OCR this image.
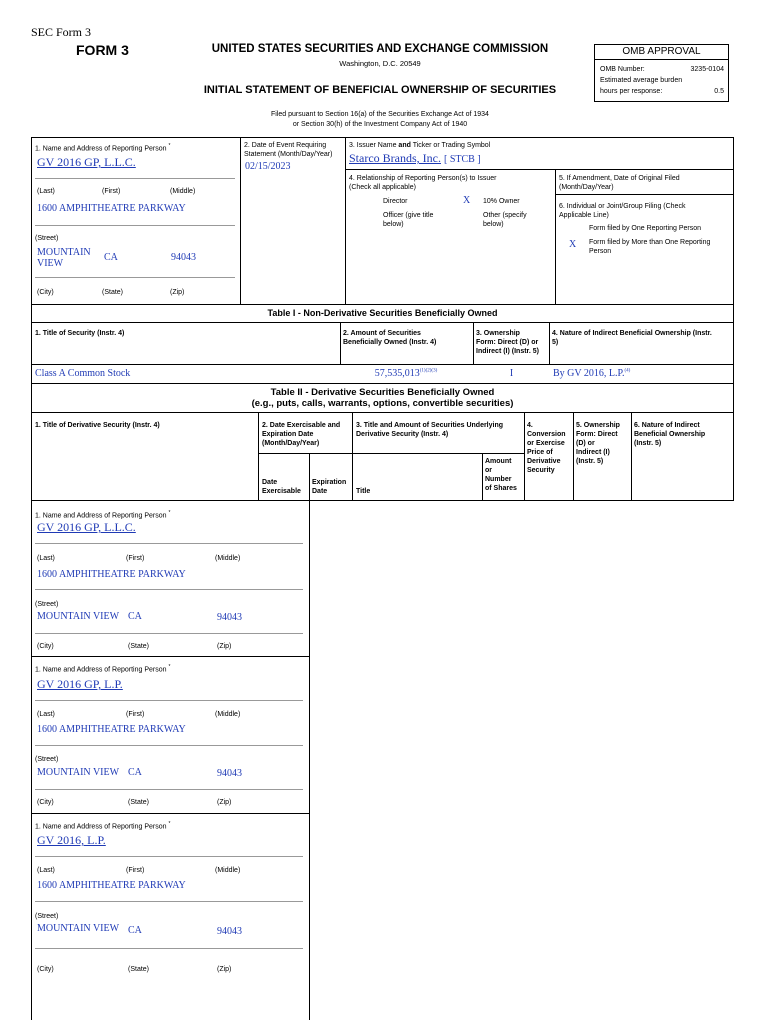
SEC Form 3
FORM 3	UNITED STATES SECURITIES AND EXCHANGE COMMISSION
Washington, D.C. 20549
INITIAL STATEMENT OF BENEFICIAL OWNERSHIP OF SECURITIES
Filed pursuant to Section 16(a) of the Securities Exchange Act of 1934
or Section 30(h) of the Investment Company Act of 1940
OMB APPROVAL
OMB Number:	3235-0104
Estimated average burden
hours per response:	0.5
1. Name and Address of Reporting Person *
GV 2016 GP, L.L.C.
(Last)	(First)	(Middle)
1600 AMPHITHEATRE PARKWAY
(Street)
MOUNTAIN
VIEW
CA	94043
(City)	(State)	(Zip)
2. Date of Event Requiring
Statement (Month/Day/Year)
02/15/2023
3. Issuer Name and Ticker or Trading Symbol
Starco Brands, Inc. [ STCB ]
4. Relationship of Reporting Person(s) to Issuer
(Check all applicable)
Director	X 10% Owner
Officer (give title
below)
Other (specify
below)
5. If Amendment, Date of Original Filed
(Month/Day/Year)
6. Individual or Joint/Group Filing (Check
Applicable Line)
Form filed by One Reporting Person
X Form filed by More than One Reporting
Person
Table I - Non-Derivative Securities Beneficially Owned
1. Title of Security (Instr. 4)	2. Amount of Securities
Beneficially Owned (Instr. 4)
3. Ownership
Form: Direct (D) or
Indirect (I) (Instr. 5)
4. Nature of Indirect Beneficial Ownership (Instr.
5)
Class A Common Stock	$57,535,013^{(1)(2)(3)}$	I	By GV 2016, L.P.$^{(4)}$
Table II - Derivative Securities Beneficially Owned
(e.g., puts, calls, warrants, options, convertible securities)
1. Title of Derivative Security (Instr. 4)	2. Date Exercisable and
Expiration Date
(Month/Day/Year)
3. Title and Amount of Securities Underlying
Derivative Security (Instr. 4)
4.
Conversion
or Exercise
Price of
Derivative
Security
5. Ownership
Form: Direct
(D) or
Indirect (I)
(Instr. 5)
6. Nature of Indirect
Beneficial Ownership
(Instr. 5)
Date
Exercisable
Expiration
Date	Title
Amount
or
Number
of Shares
1. Name and Address of Reporting Person *
GV 2016 GP, L.L.C.
(Last)	(First)	(Middle)
1600 AMPHITHEATRE PARKWAY
(Street)
MOUNTAIN VIEW CA	94043
(City)	(State)	(Zip)
1. Name and Address of Reporting Person *
GV 2016 GP, L.P.
(Last)	(First)	(Middle)
1600 AMPHITHEATRE PARKWAY
(Street)
MOUNTAIN VIEW CA	94043
(City)	(State)	(Zip)
1. Name and Address of Reporting Person *
GV 2016, L.P.
(Last)	(First)	(Middle)
1600 AMPHITHEATRE PARKWAY
(Street)
MOUNTAIN VIEW CA	94043
(City)	(State)	(Zip)
